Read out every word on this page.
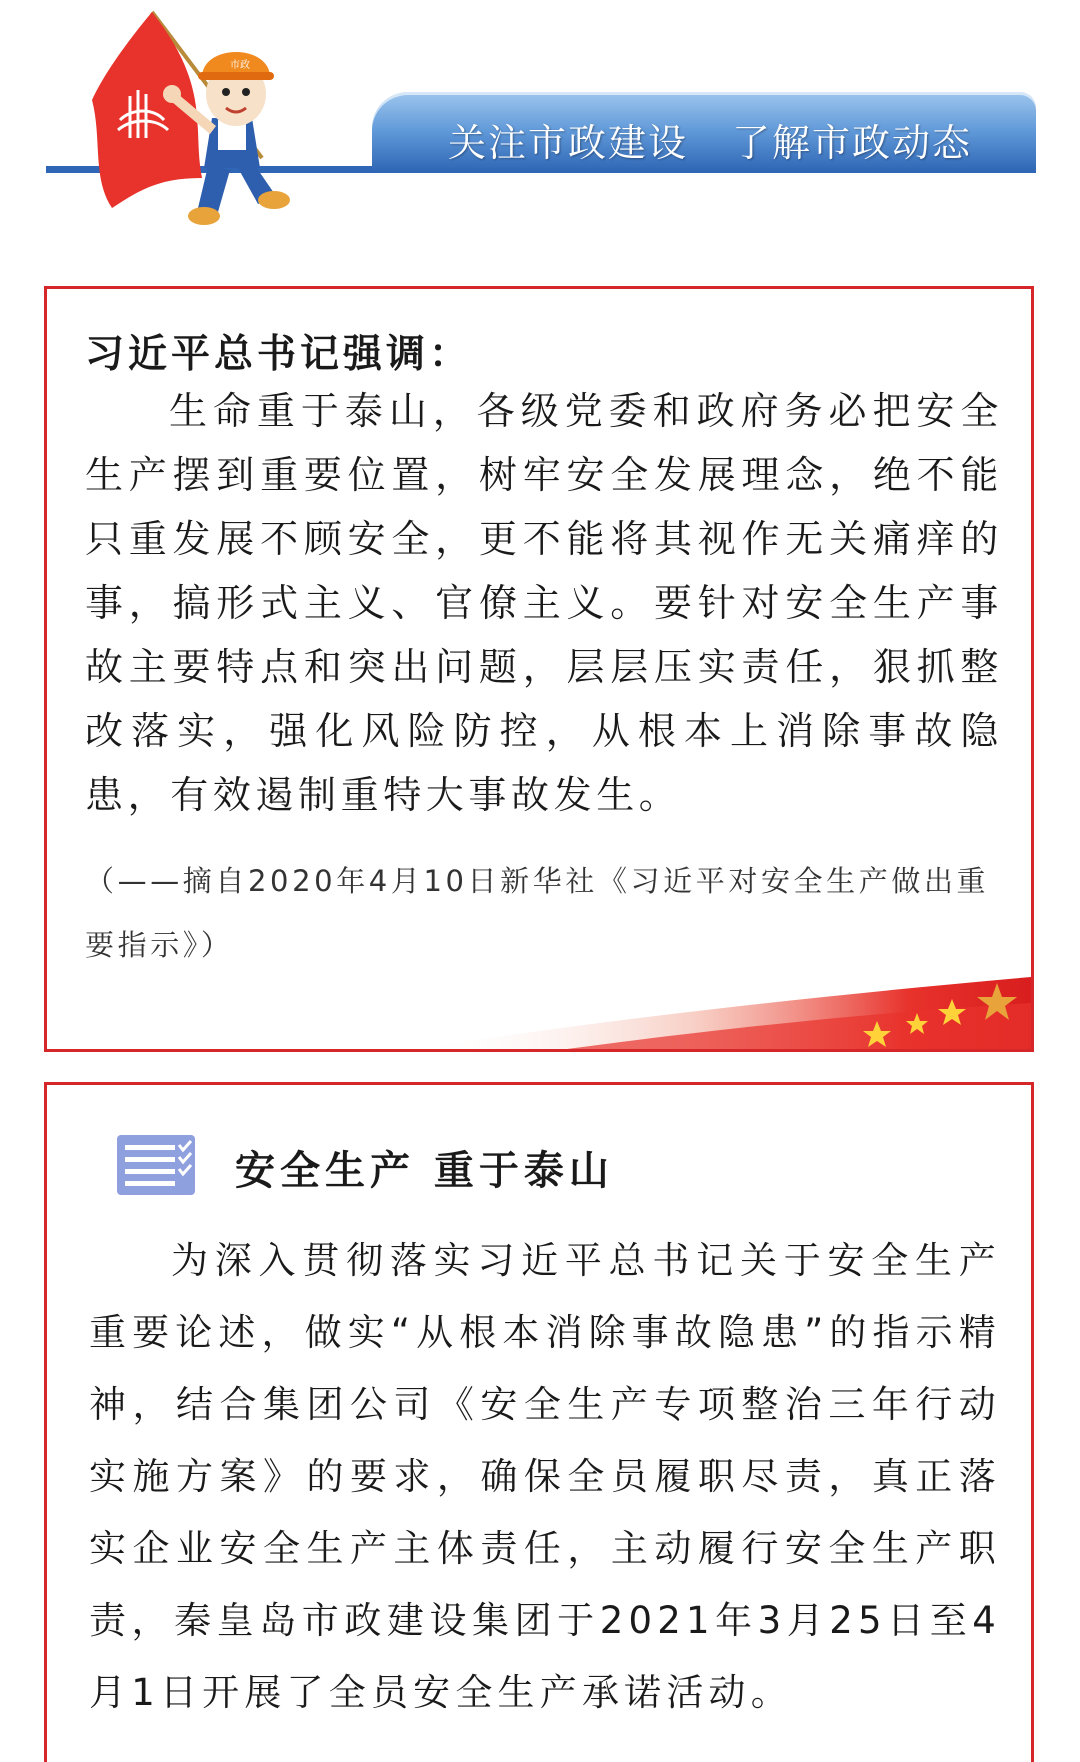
关注市政建设 了解市政动态
市政
习近平总书记强调：
生命重于泰山，各级党委和政府务必把安全生产摆到重要位置，树牢安全发展理念，绝不能只重发展不顾安全，更不能将其视作无关痛痒的事，搞形式主义、官僚主义。要针对安全生产事故主要特点和突出问题，层层压实责任，狠抓整改落实，强化风险防控，从根本上消除事故隐患，有效遏制重特大事故发生。
（——摘自2020年4月10日新华社《习近平对安全生产做出重要指示》）
安全生产 重于泰山
为深入贯彻落实习近平总书记关于安全生产重要论述，做实“从根本消除事故隐患”的指示精神，结合集团公司《安全生产专项整治三年行动实施方案》的要求，确保全员履职尽责，真正落实企业安全生产主体责任，主动履行安全生产职责，秦皇岛市政建设集团于2021年3月25日至4月1日开展了全员安全生产承诺活动。
